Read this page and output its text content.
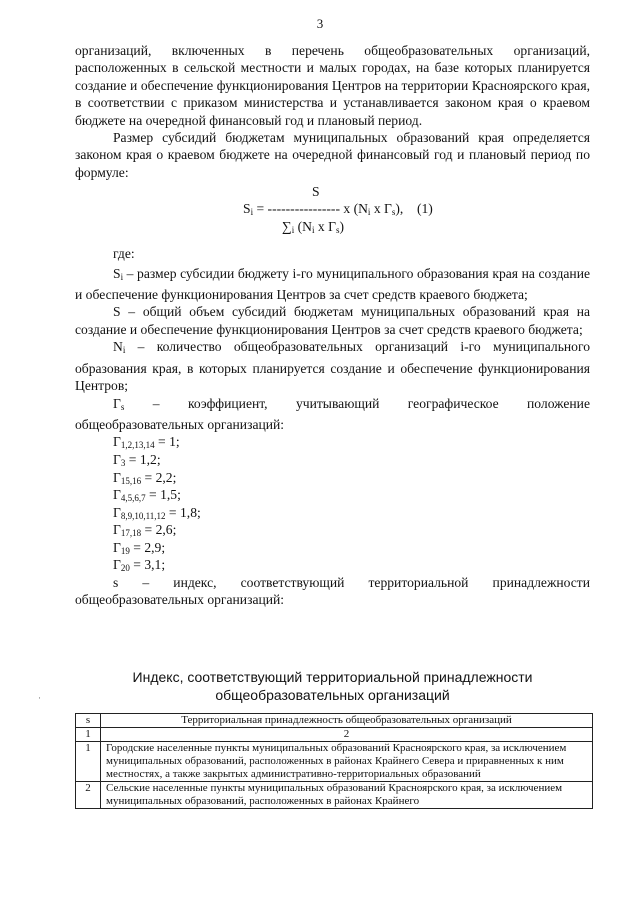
3

организаций, включенных в перечень общеобразовательных организаций, расположенных в сельской местности и малых городах, на базе которых планируется создание и обеспечение функционирования Центров на территории Красноярского края, в соответствии с приказом министерства и устанавливается законом края о краевом бюджете на очередной финансовый год и плановый период.

Размер субсидий бюджетам муниципальных образований края определяется законом края о краевом бюджете на очередной финансовый год и плановый период по формуле:

S
Si = ---------------- x (Ni x Гs), (1)
∑i (Ni x Гs)

где:

Si – размер субсидии бюджету i-го муниципального образования края на создание и обеспечение функционирования Центров за счет средств краевого бюджета;

S – общий объем субсидий бюджетам муниципальных образований края на создание и обеспечение функционирования Центров за счет средств краевого бюджета;

Ni – количество общеобразовательных организаций i-го муниципального образования края, в которых планируется создание и обеспечение функционирования Центров;

Гs – коэффициент, учитывающий географическое положение общеобразовательных организаций:

$Г_{1,2,13,14} = 1$;
$Г_3 = 1,2$;
$Г_{15,16} = 2,2$;
$Г_{4,5,6,7} = 1,5$;
$Г_{8,9,10,11,12} = 1,8$;
$Г_{17,18} = 2,6$;
$Г_{19} = 2,9$;
$Г_{20} = 3,1$;

s – индекс, соответствующий территориальной принадлежности общеобразовательных организаций:

·
Индекс, соответствующий территориальной принадлежности
общеобразовательных организаций
s	Территориальная принадлежность общеобразовательных организаций
1	2
1	Городские населенные пункты муниципальных образований Красноярского края, за исключением муниципальных образований, расположенных в районах Крайнего Севера и приравненных к ним местностях, а также закрытых административно-территориальных образований
2	Сельские населенные пункты муниципальных образований Красноярского края, за исключением муниципальных образований, расположенных в районах Крайнего
